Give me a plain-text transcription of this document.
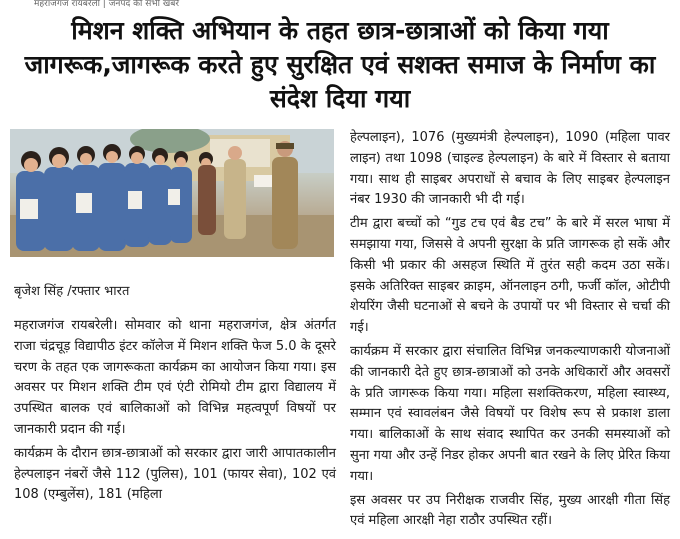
महराजगंज रायबरेली | जनपद की सभी खबरें
मिशन शक्ति अभियान के तहत छात्र-छात्राओं को किया गया जागरूक,जागरूक करते हुए सुरक्षित एवं सशक्त समाज के निर्माण का संदेश दिया गया
बृजेश सिंह /रफ्तार भारत

महराजगंज रायबरेली। सोमवार को थाना महराजगंज, क्षेत्र अंतर्गत राजा चंद्रचूड़ विद्यापीठ इंटर कॉलेज में मिशन शक्ति फेज 5.0 के दूसरे चरण के तहत एक जागरूकता कार्यक्रम का आयोजन किया गया। इस अवसर पर मिशन शक्ति टीम एवं एंटी रोमियो टीम द्वारा विद्यालय में उपस्थित बालक एवं बालिकाओं को विभिन्न महत्वपूर्ण विषयों पर जानकारी प्रदान की गई।

कार्यक्रम के दौरान छात्र-छात्राओं को सरकार द्वारा जारी आपातकालीन हेल्पलाइन नंबरों जैसे 112 (पुलिस), 101 (फायर सेवा), 102 एवं 108 (एम्बुलेंस), 181 (महिला

हेल्पलाइन), 1076 (मुख्यमंत्री हेल्पलाइन), 1090 (महिला पावर लाइन) तथा 1098 (चाइल्ड हेल्पलाइन) के बारे में विस्तार से बताया गया। साथ ही साइबर अपराधों से बचाव के लिए साइबर हेल्पलाइन नंबर 1930 की जानकारी भी दी गई।

टीम द्वारा बच्चों को “गुड टच एवं बैड टच” के बारे में सरल भाषा में समझाया गया, जिससे वे अपनी सुरक्षा के प्रति जागरूक हो सकें और किसी भी प्रकार की असहज स्थिति में तुरंत सही कदम उठा सकें। इसके अतिरिक्त साइबर क्राइम, ऑनलाइन ठगी, फर्जी कॉल, ओटीपी शेयरिंग जैसी घटनाओं से बचने के उपायों पर भी विस्तार से चर्चा की गई।

कार्यक्रम में सरकार द्वारा संचालित विभिन्न जनकल्याणकारी योजनाओं की जानकारी देते हुए छात्र-छात्राओं को उनके अधिकारों और अवसरों के प्रति जागरूक किया गया। महिला सशक्तिकरण, महिला स्वास्थ्य, सम्मान एवं स्वावलंबन जैसे विषयों पर विशेष रूप से प्रकाश डाला गया। बालिकाओं के साथ संवाद स्थापित कर उनकी समस्याओं को सुना गया और उन्हें निडर होकर अपनी बात रखने के लिए प्रेरित किया गया।

इस अवसर पर उप निरीक्षक राजवीर सिंह, मुख्य आरक्षी गीता सिंह एवं महिला आरक्षी नेहा राठौर उपस्थित रहीं।
